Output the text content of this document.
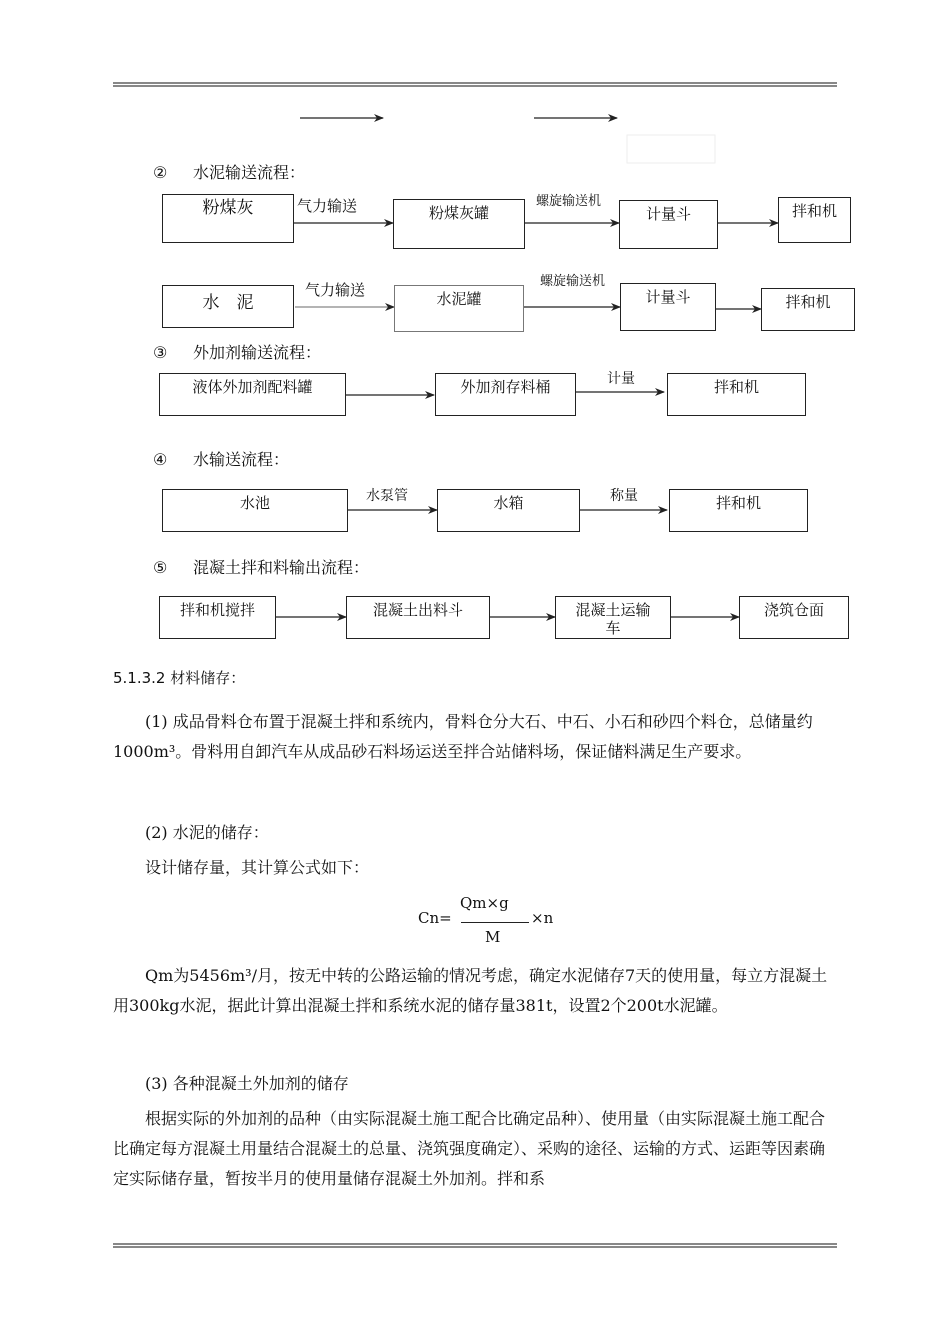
② 水泥输送流程：
粉煤灰	气力输送	粉煤灰罐
螺旋输送机
计量斗	拌和机
水　泥
气力输送	水泥罐
螺旋输送机
计量斗	拌和机
③ 外加剂输送流程：
液体外加剂配料罐	外加剂存料桶	计量	拌和机
④ 水输送流程：
水池	水泵管	水箱	称量	拌和机
⑤ 混凝土拌和料输出流程：
拌和机搅拌	混凝土出料斗	混凝土运输车
浇筑仓面
5.1.3.2 材料储存：
(1) 成品骨料仓布置于混凝土拌和系统内，骨料仓分大石、中石、小石和砂四个料仓，总储量约1000m³。骨料用自卸汽车从成品砂石料场运送至拌合站储料场，保证储料满足生产要求。
(2) 水泥的储存：
设计储存量，其计算公式如下：
Cn=
Qm×g
M
×n
Qm为5456m³/月，按无中转的公路运输的情况考虑，确定水泥储存7天的使用量，每立方混凝土用300kg水泥，据此计算出混凝土拌和系统水泥的储存量381t，设置2个200t水泥罐。
(3) 各种混凝土外加剂的储存
根据实际的外加剂的品种（由实际混凝土施工配合比确定品种）、使用量（由实际混凝土施工配合比确定每方混凝土用量结合混凝土的总量、浇筑强度确定）、采购的途径、运输的方式、运距等因素确定实际储存量，暂按半月的使用量储存混凝土外加剂。拌和系
